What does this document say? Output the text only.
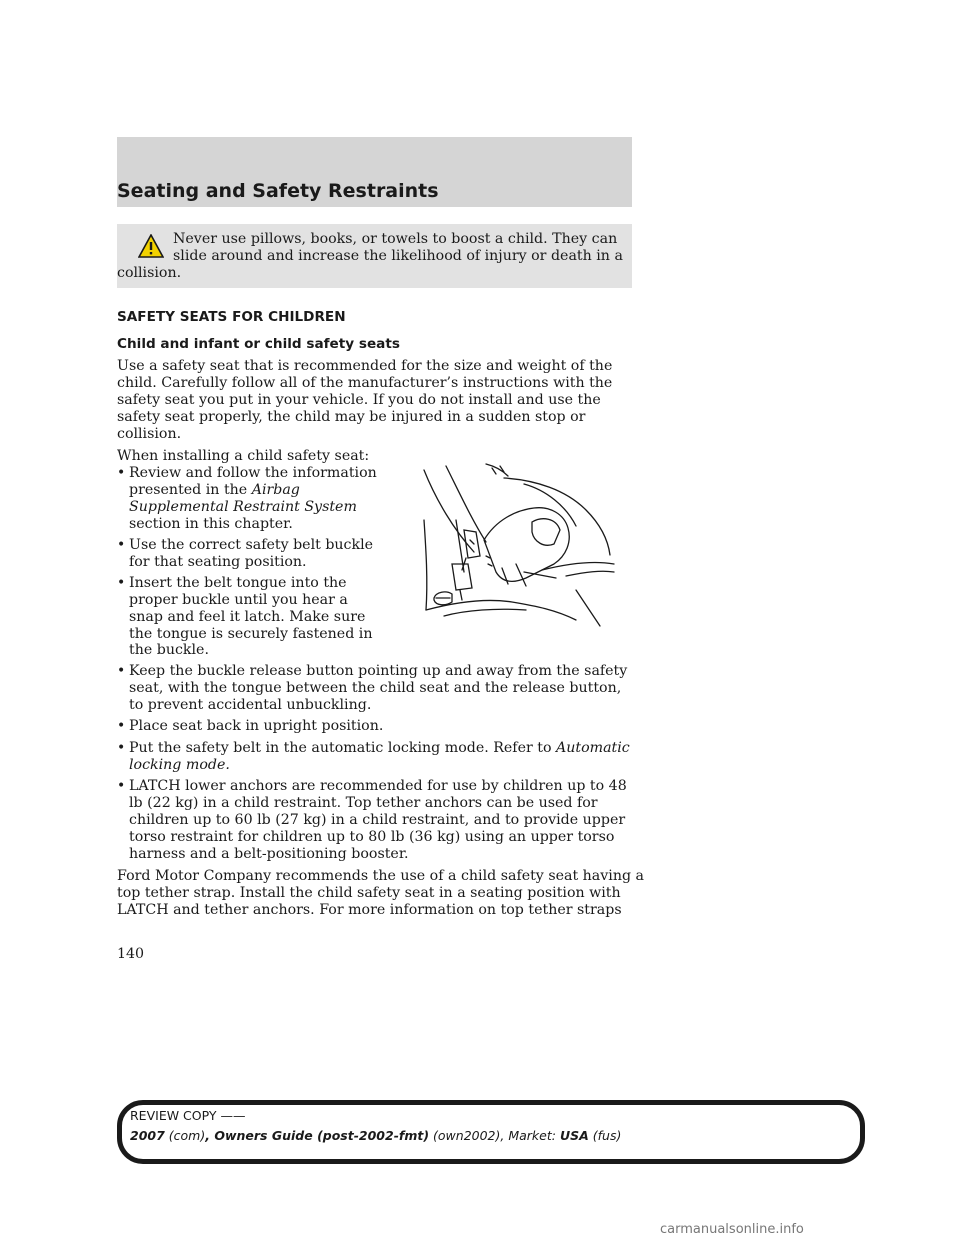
Seating and Safety Restraints
Never use pillows, books, or towels to boost a child. They can
slide around and increase the likelihood of injury or death in a
collision.
SAFETY SEATS FOR CHILDREN
Child and infant or child safety seats
Use a safety seat that is recommended for the size and weight of the
child. Carefully follow all of the manufacturer’s instructions with the
safety seat you put in your vehicle. If you do not install and use the
safety seat properly, the child may be injured in a sudden stop or
collision.
When installing a child safety seat:
• Review and follow the information
presented in the Airbag
Supplemental Restraint System
section in this chapter.
• Use the correct safety belt buckle
for that seating position.
• Insert the belt tongue into the
proper buckle until you hear a
snap and feel it latch. Make sure
the tongue is securely fastened in
the buckle.
• Keep the buckle release button pointing up and away from the safety
seat, with the tongue between the child seat and the release button,
to prevent accidental unbuckling.
• Place seat back in upright position.
• Put the safety belt in the automatic locking mode. Refer to Automatic
locking mode.
• LATCH lower anchors are recommended for use by children up to 48
lb (22 kg) in a child restraint. Top tether anchors can be used for
children up to 60 lb (27 kg) in a child restraint, and to provide upper
torso restraint for children up to 80 lb (36 kg) using an upper torso
harness and a belt-positioning booster.
Ford Motor Company recommends the use of a child safety seat having a
top tether strap. Install the child safety seat in a seating position with
LATCH and tether anchors. For more information on top tether straps
140
REVIEW COPY ——
2007 (com), Owners Guide (post-2002-fmt) (own2002), Market: USA (fus)
carmanualsonline.info
